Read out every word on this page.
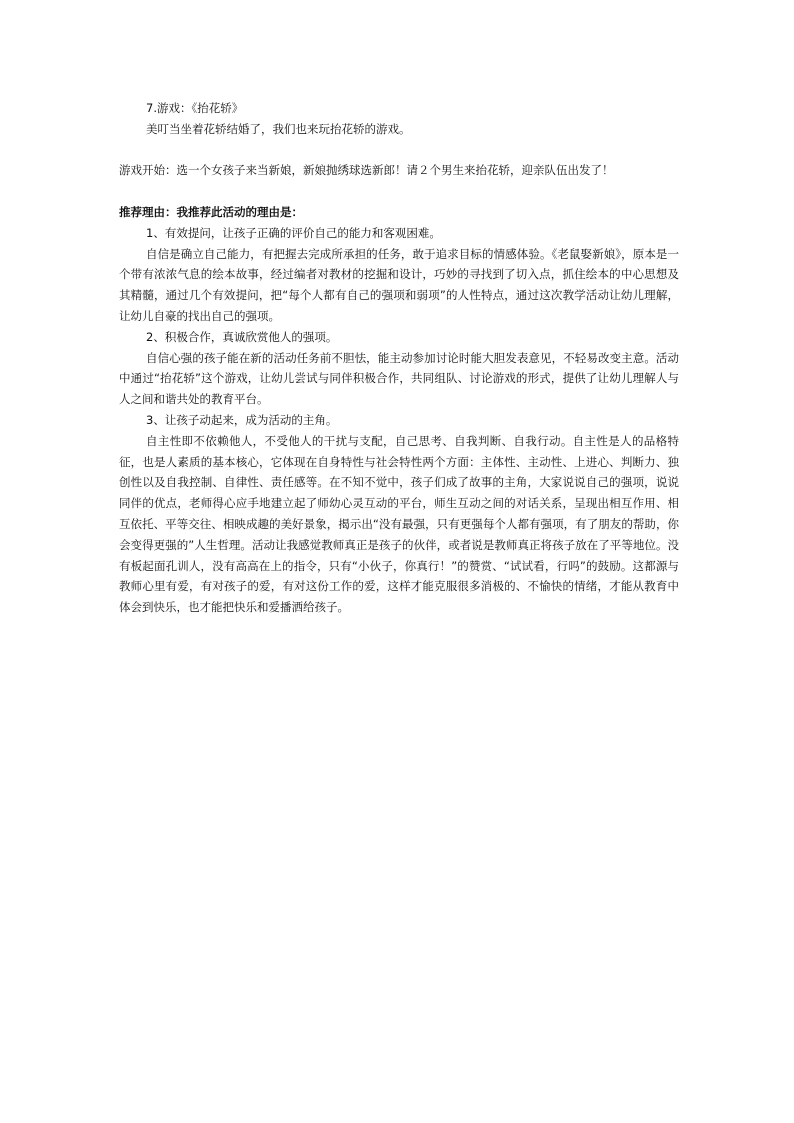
7.游戏：《抬花轿》

美叮当坐着花轿结婚了，我们也来玩抬花轿的游戏。

游戏开始：选一个女孩子来当新娘，新娘抛绣球选新郎！请２个男生来抬花轿，迎亲队伍出发了！

推荐理由：我推荐此活动的理由是：

1、有效提问，让孩子正确的评价自己的能力和客观困难。

自信是确立自己能力，有把握去完成所承担的任务，敢于追求目标的情感体验。《老鼠娶新娘》，原本是一个带有浓浓气息的绘本故事，经过编者对教材的挖掘和设计，巧妙的寻找到了切入点，抓住绘本的中心思想及其精髓，通过几个有效提问，把“每个人都有自己的强项和弱项”的人性特点，通过这次教学活动让幼儿理解，让幼儿自豪的找出自己的强项。

2、积极合作，真诚欣赏他人的强项。

自信心强的孩子能在新的活动任务前不胆怯，能主动参加讨论时能大胆发表意见，不轻易改变主意。活动中通过“抬花轿”这个游戏，让幼儿尝试与同伴积极合作，共同组队、讨论游戏的形式，提供了让幼儿理解人与人之间和谐共处的教育平台。

3、让孩子动起来，成为活动的主角。

自主性即不依赖他人，不受他人的干扰与支配，自己思考、自我判断、自我行动。自主性是人的品格特征，也是人素质的基本核心，它体现在自身特性与社会特性两个方面：主体性、主动性、上进心、判断力、独创性以及自我控制、自律性、责任感等。在不知不觉中，孩子们成了故事的主角，大家说说自己的强项，说说同伴的优点，老师得心应手地建立起了师幼心灵互动的平台，师生互动之间的对话关系，呈现出相互作用、相互依托、平等交往、相映成趣的美好景象，揭示出“没有最强，只有更强每个人都有强项，有了朋友的帮助，你会变得更强的”人生哲理。活动让我感觉教师真正是孩子的伙伴，或者说是教师真正将孩子放在了平等地位。没有板起面孔训人，没有高高在上的指令，只有“小伙子，你真行！”的赞赏、“试试看，行吗”的鼓励。这都源与教师心里有爱，有对孩子的爱，有对这份工作的爱，这样才能克服很多消极的、不愉快的情绪，才能从教育中体会到快乐，也才能把快乐和爱播洒给孩子。
